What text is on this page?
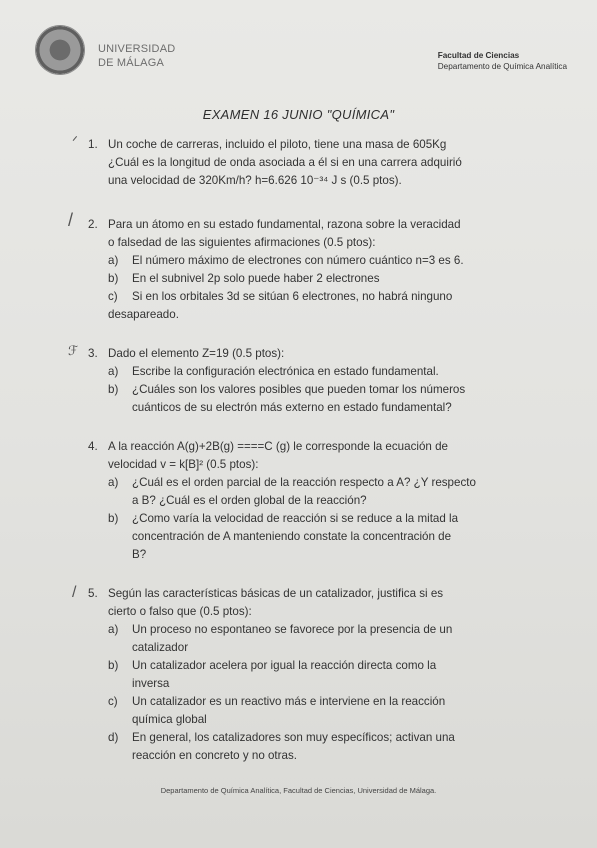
UNIVERSIDAD
DE MÁLAGA
Facultad de Ciencias
Departamento de Química Analítica
EXAMEN 16 JUNIO "QUÍMICA"
ᐟ
/
ℱ
/
1. Un coche de carreras, incluido el piloto, tiene una masa de 605Kg
¿Cuál es la longitud de onda asociada a él si en una carrera adquirió
una velocidad de 320Km/h? h=6.626 10⁻³⁴ J s (0.5 ptos).
2. Para un átomo en su estado fundamental, razona sobre la veracidad
o falsedad de las siguientes afirmaciones (0.5 ptos):
a) El número máximo de electrones con número cuántico n=3 es 6.
b) En el subnivel 2p solo puede haber 2 electrones
c) Si en los orbitales 3d se sitúan 6 electrones, no habrá ninguno
desapareado.
3. Dado el elemento Z=19 (0.5 ptos):
a) Escribe la configuración electrónica en estado fundamental.
b) ¿Cuáles son los valores posibles que pueden tomar los números
cuánticos de su electrón más externo en estado fundamental?
4. A la reacción A(g)+2B(g) ====C (g) le corresponde la ecuación de
velocidad v = k[B]² (0.5 ptos):
a) ¿Cuál es el orden parcial de la reacción respecto a A? ¿Y respecto
a B? ¿Cuál es el orden global de la reacción?
b) ¿Como varía la velocidad de reacción si se reduce a la mitad la
concentración de A manteniendo constate la concentración de
B?
5. Según las características básicas de un catalizador, justifica si es
cierto o falso que (0.5 ptos):
a) Un proceso no espontaneo se favorece por la presencia de un
catalizador
b) Un catalizador acelera por igual la reacción directa como la
inversa
c) Un catalizador es un reactivo más e interviene en la reacción
química global
d) En general, los catalizadores son muy específicos; activan una
reacción en concreto y no otras.
Departamento de Química Analítica, Facultad de Ciencias, Universidad de Málaga.
